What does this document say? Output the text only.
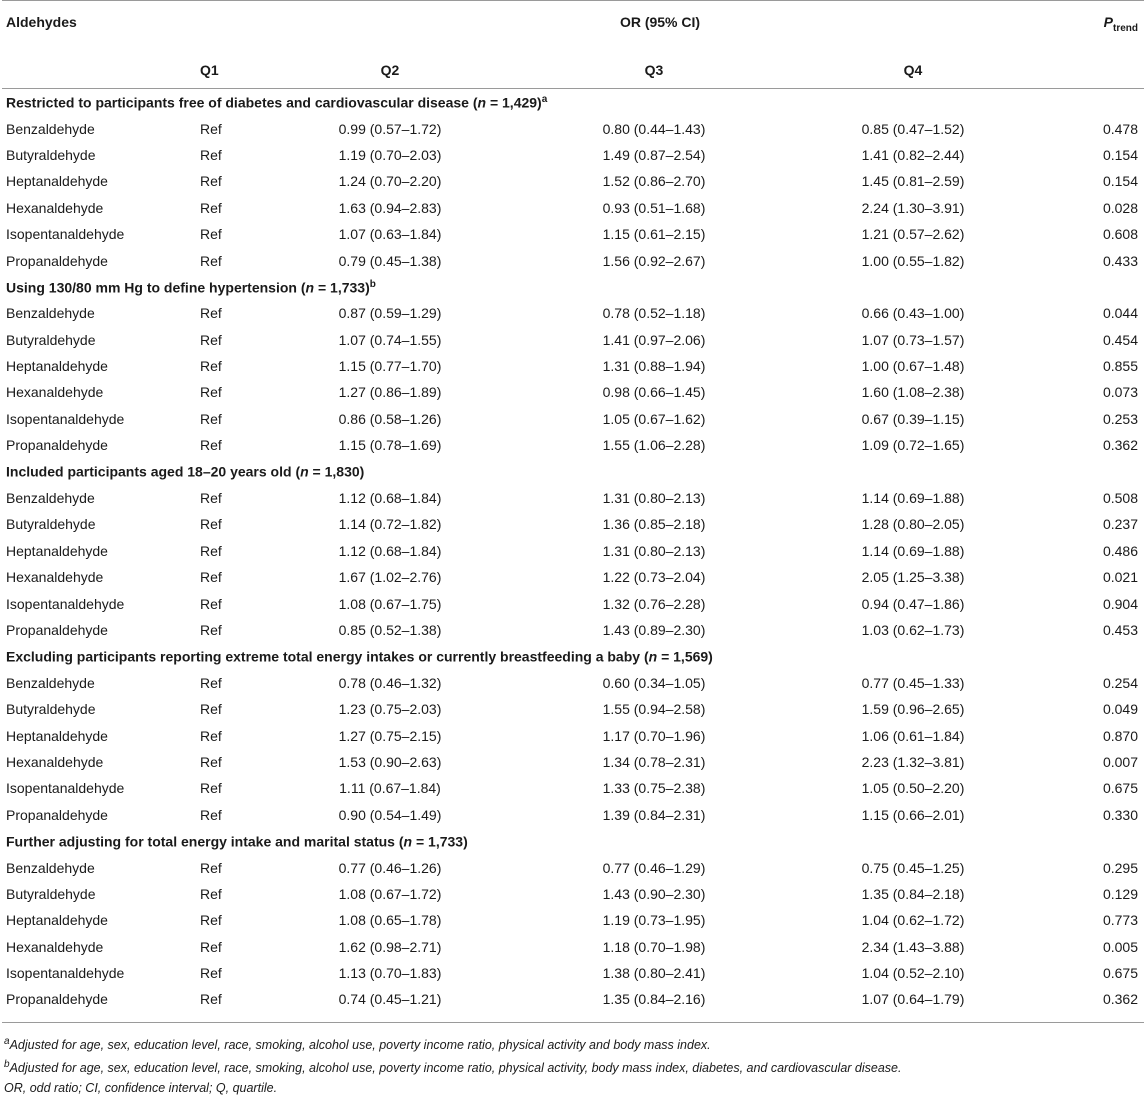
Aldehydes	OR (95% CI)				$P_{trend}$
	Q1	Q2	Q3	Q4	
Restricted to participants free of diabetes and cardiovascular disease (n = 1,429)$^a$
Benzaldehyde	Ref	0.99 (0.57–1.72)	0.80 (0.44–1.43)	0.85 (0.47–1.52)	0.478
Butyraldehyde	Ref	1.19 (0.70–2.03)	1.49 (0.87–2.54)	1.41 (0.82–2.44)	0.154
Heptanaldehyde	Ref	1.24 (0.70–2.20)	1.52 (0.86–2.70)	1.45 (0.81–2.59)	0.154
Hexanaldehyde	Ref	1.63 (0.94–2.83)	0.93 (0.51–1.68)	2.24 (1.30–3.91)	0.028
Isopentanaldehyde	Ref	1.07 (0.63–1.84)	1.15 (0.61–2.15)	1.21 (0.57–2.62)	0.608
Propanaldehyde	Ref	0.79 (0.45–1.38)	1.56 (0.92–2.67)	1.00 (0.55–1.82)	0.433
Using 130/80 mm Hg to define hypertension (n = 1,733)$^b$
Benzaldehyde	Ref	0.87 (0.59–1.29)	0.78 (0.52–1.18)	0.66 (0.43–1.00)	0.044
Butyraldehyde	Ref	1.07 (0.74–1.55)	1.41 (0.97–2.06)	1.07 (0.73–1.57)	0.454
Heptanaldehyde	Ref	1.15 (0.77–1.70)	1.31 (0.88–1.94)	1.00 (0.67–1.48)	0.855
Hexanaldehyde	Ref	1.27 (0.86–1.89)	0.98 (0.66–1.45)	1.60 (1.08–2.38)	0.073
Isopentanaldehyde	Ref	0.86 (0.58–1.26)	1.05 (0.67–1.62)	0.67 (0.39–1.15)	0.253
Propanaldehyde	Ref	1.15 (0.78–1.69)	1.55 (1.06–2.28)	1.09 (0.72–1.65)	0.362
Included participants aged 18–20 years old (n = 1,830)					
Benzaldehyde	Ref	1.12 (0.68–1.84)	1.31 (0.80–2.13)	1.14 (0.69–1.88)	0.508
Butyraldehyde	Ref	1.14 (0.72–1.82)	1.36 (0.85–2.18)	1.28 (0.80–2.05)	0.237
Heptanaldehyde	Ref	1.12 (0.68–1.84)	1.31 (0.80–2.13)	1.14 (0.69–1.88)	0.486
Hexanaldehyde	Ref	1.67 (1.02–2.76)	1.22 (0.73–2.04)	2.05 (1.25–3.38)	0.021
Isopentanaldehyde	Ref	1.08 (0.67–1.75)	1.32 (0.76–2.28)	0.94 (0.47–1.86)	0.904
Propanaldehyde	Ref	0.85 (0.52–1.38)	1.43 (0.89–2.30)	1.03 (0.62–1.73)	0.453
Excluding participants reporting extreme total energy intakes or currently breastfeeding a baby (n = 1,569)					
Benzaldehyde	Ref	0.78 (0.46–1.32)	0.60 (0.34–1.05)	0.77 (0.45–1.33)	0.254
Butyraldehyde	Ref	1.23 (0.75–2.03)	1.55 (0.94–2.58)	1.59 (0.96–2.65)	0.049
Heptanaldehyde	Ref	1.27 (0.75–2.15)	1.17 (0.70–1.96)	1.06 (0.61–1.84)	0.870
Hexanaldehyde	Ref	1.53 (0.90–2.63)	1.34 (0.78–2.31)	2.23 (1.32–3.81)	0.007
Isopentanaldehyde	Ref	1.11 (0.67–1.84)	1.33 (0.75–2.38)	1.05 (0.50–2.20)	0.675
Propanaldehyde	Ref	0.90 (0.54–1.49)	1.39 (0.84–2.31)	1.15 (0.66–2.01)	0.330
Further adjusting for total energy intake and marital status (n = 1,733)					
Benzaldehyde	Ref	0.77 (0.46–1.26)	0.77 (0.46–1.29)	0.75 (0.45–1.25)	0.295
Butyraldehyde	Ref	1.08 (0.67–1.72)	1.43 (0.90–2.30)	1.35 (0.84–2.18)	0.129
Heptanaldehyde	Ref	1.08 (0.65–1.78)	1.19 (0.73–1.95)	1.04 (0.62–1.72)	0.773
Hexanaldehyde	Ref	1.62 (0.98–2.71)	1.18 (0.70–1.98)	2.34 (1.43–3.88)	0.005
Isopentanaldehyde	Ref	1.13 (0.70–1.83)	1.38 (0.80–2.41)	1.04 (0.52–2.10)	0.675
Propanaldehyde	Ref	0.74 (0.45–1.21)	1.35 (0.84–2.16)	1.07 (0.64–1.79)	0.362
$^a$Adjusted for age, sex, education level, race, smoking, alcohol use, poverty income ratio, physical activity and body mass index.
$^b$Adjusted for age, sex, education level, race, smoking, alcohol use, poverty income ratio, physical activity, body mass index, diabetes, and cardiovascular disease.
OR, odd ratio; CI, confidence interval; Q, quartile.
